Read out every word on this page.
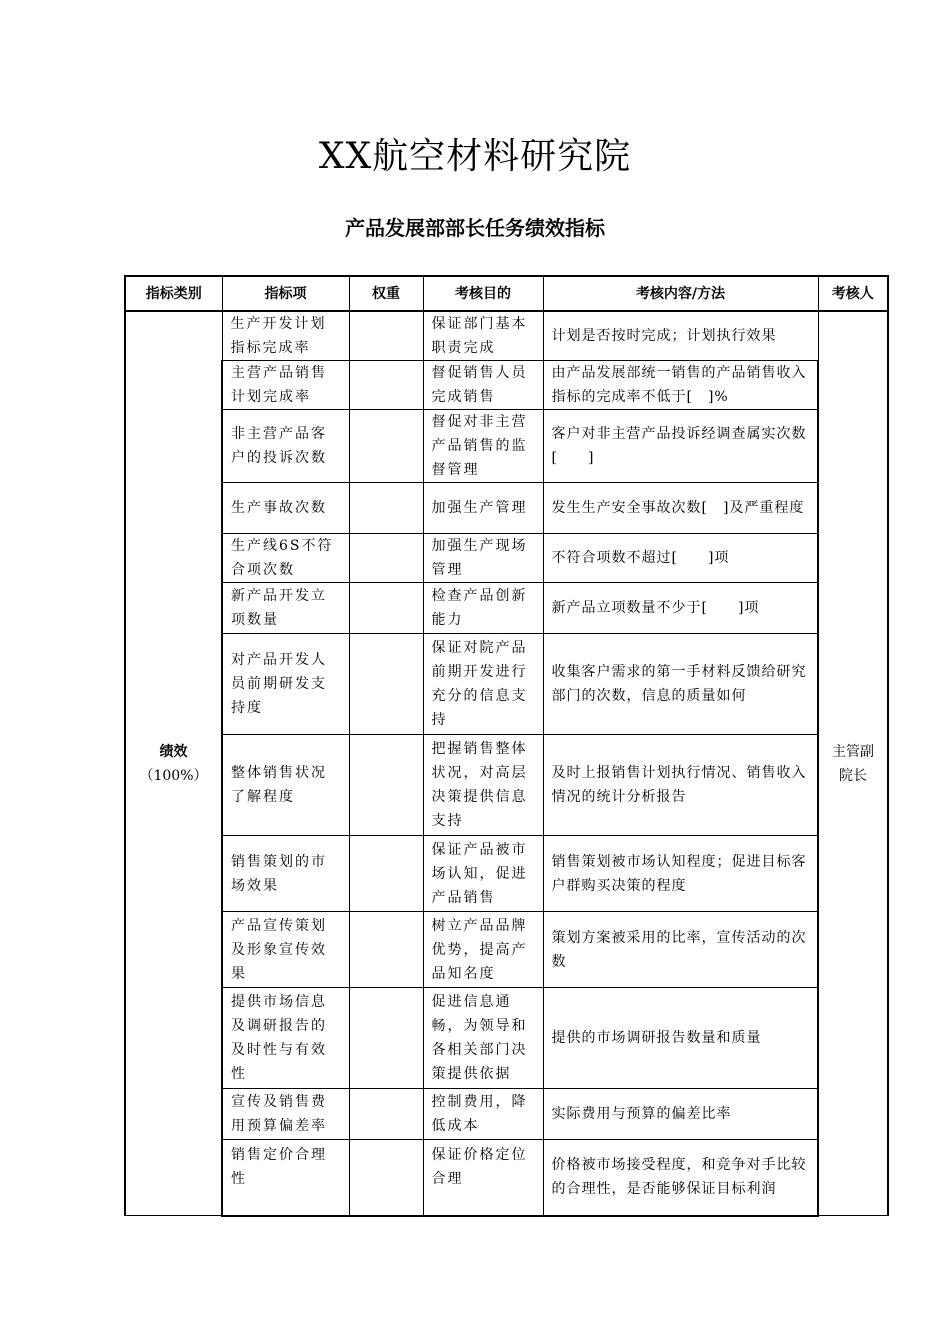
XX航空材料研究院
产品发展部部长任务绩效指标
指标类别	指标项	权重	考核目的	考核内容/方法	考核人

绩效
（100%）	生产开发计划指标完成率		保证部门基本职责完成	计划是否按时完成；计划执行效果	主管副院长
	主营产品销售计划完成率		督促销售人员完成销售	由产品发展部统一销售的产品销售收入指标的完成率不低于[　]%	
	非主营产品客户的投诉次数		督促对非主营产品销售的监督管理	客户对非主营产品投诉经调查属实次数[　　]	
	生产事故次数		加强生产管理	发生生产安全事故次数[　]及严重程度	
	生产线6S不符合项次数		加强生产现场管理	不符合项数不超过[　　]项	
	新产品开发立项数量		检查产品创新能力	新产品立项数量不少于[　　]项	
	对产品开发人员前期研发支持度		保证对院产品前期开发进行充分的信息支持	收集客户需求的第一手材料反馈给研究部门的次数，信息的质量如何	
	整体销售状况了解程度		把握销售整体状况，对高层决策提供信息支持	及时上报销售计划执行情况、销售收入情况的统计分析报告	
	销售策划的市场效果		保证产品被市场认知，促进产品销售	销售策划被市场认知程度；促进目标客户群购买决策的程度	
	产品宣传策划及形象宣传效果		树立产品品牌优势，提高产品知名度	策划方案被采用的比率，宣传活动的次数	
	提供市场信息及调研报告的及时性与有效性		促进信息通畅，为领导和各相关部门决策提供依据	提供的市场调研报告数量和质量	
	宣传及销售费用预算偏差率		控制费用，降低成本	实际费用与预算的偏差比率	
	销售定价合理性		保证价格定位合理	价格被市场接受程度，和竞争对手比较的合理性，是否能够保证目标利润	
